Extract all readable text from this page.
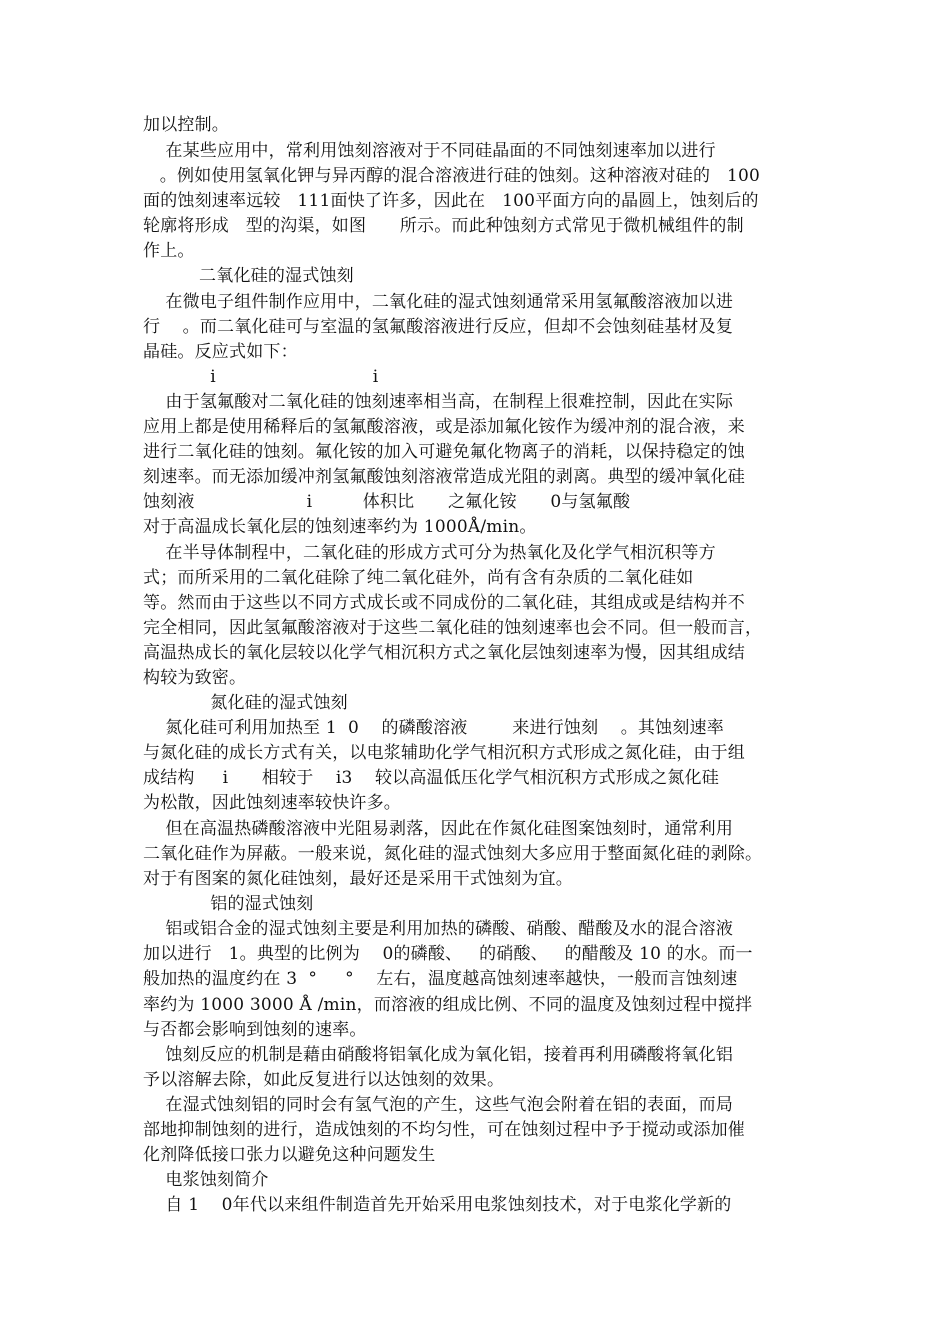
加以控制。
在某些应用中，常利用蚀刻溶液对于不同硅晶面的不同蚀刻速率加以进行
。例如使用氢氧化钾与异丙醇的混合溶液进行硅的蚀刻。这种溶液对硅的   100
面的蚀刻速率远较   111面快了许多，因此在   100平面方向的晶圆上，蚀刻后的
轮廓将形成   型的沟渠，如图      所示。而此种蚀刻方式常见于微机械组件的制
作上。
二氧化硅的湿式蚀刻
在微电子组件制作应用中，二氧化硅的湿式蚀刻通常采用氢氟酸溶液加以进
行    。而二氧化硅可与室温的氢氟酸溶液进行反应，但却不会蚀刻硅基材及复
晶硅。反应式如下：
i                            i
由于氢氟酸对二氧化硅的蚀刻速率相当高，在制程上很难控制，因此在实际
应用上都是使用稀释后的氢氟酸溶液，或是添加氟化铵作为缓冲剂的混合液，来
进行二氧化硅的蚀刻。氟化铵的加入可避免氟化物离子的消耗，以保持稳定的蚀
刻速率。而无添加缓冲剂氢氟酸蚀刻溶液常造成光阻的剥离。典型的缓冲氧化硅
蚀刻液                    i         体积比      之氟化铵      0与氢氟酸
对于高温成长氧化层的蚀刻速率约为 1000Å/min。
在半导体制程中，二氧化硅的形成方式可分为热氧化及化学气相沉积等方
式；而所采用的二氧化硅除了纯二氧化硅外，尚有含有杂质的二氧化硅如
等。然而由于这些以不同方式成长或不同成份的二氧化硅，其组成或是结构并不
完全相同，因此氢氟酸溶液对于这些二氧化硅的蚀刻速率也会不同。但一般而言，
高温热成长的氧化层较以化学气相沉积方式之氧化层蚀刻速率为慢，因其组成结
构较为致密。
氮化硅的湿式蚀刻
氮化硅可利用加热至 1  0    的磷酸溶液        来进行蚀刻    。其蚀刻速率
与氮化硅的成长方式有关，以电浆辅助化学气相沉积方式形成之氮化硅，由于组
成结构     i      相较于    i3    较以高温低压化学气相沉积方式形成之氮化硅
为松散，因此蚀刻速率较快许多。
但在高温热磷酸溶液中光阻易剥落，因此在作氮化硅图案蚀刻时，通常利用
二氧化硅作为屏蔽。一般来说，氮化硅的湿式蚀刻大多应用于整面氮化硅的剥除。
对于有图案的氮化硅蚀刻，最好还是采用干式蚀刻为宜。
铝的湿式蚀刻
铝或铝合金的湿式蚀刻主要是利用加热的磷酸、硝酸、醋酸及水的混合溶液
加以进行   1。典型的比例为    0的磷酸、   的硝酸、   的醋酸及 10 的水。而一
般加热的温度约在 3  °     °    左右，温度越高蚀刻速率越快，一般而言蚀刻速
率约为 1000 3000 Å /min，而溶液的组成比例、不同的温度及蚀刻过程中搅拌
与否都会影响到蚀刻的速率。
蚀刻反应的机制是藉由硝酸将铝氧化成为氧化铝，接着再利用磷酸将氧化铝
予以溶解去除，如此反复进行以达蚀刻的效果。
在湿式蚀刻铝的同时会有氢气泡的产生，这些气泡会附着在铝的表面，而局
部地抑制蚀刻的进行，造成蚀刻的不均匀性，可在蚀刻过程中予于搅动或添加催
化剂降低接口张力以避免这种问题发生
电浆蚀刻简介
自 1    0年代以来组件制造首先开始采用电浆蚀刻技术，对于电浆化学新的
